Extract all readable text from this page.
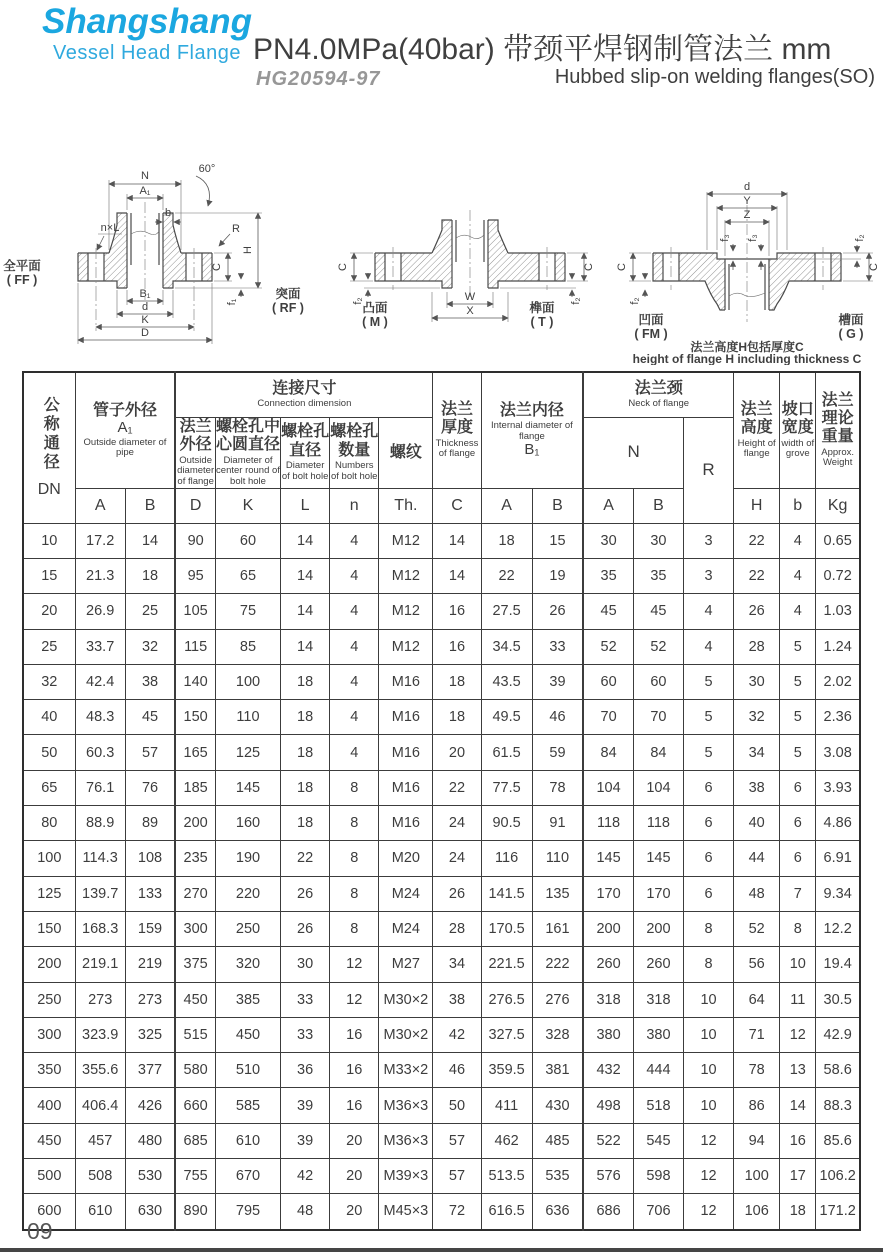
Shangshang
Vessel Head Flange PN4.0MPa(40bar) 带颈平焊钢制管法兰 mm
HG20594-97	Hubbed slip-on welding flanges(SO)
N
A₁
b
60°
n×L	R
C
f₁
H
B₁
d
K
D
全平面
( FF )
突面
( RF )
C
f₂
C
f₂
W
X
凸面
( M )
榫面
( T )
d
Y
Z
f₃ f₃
C
f₂
f₂
C
凹面
( FM )
槽面
( G )
法兰高度H包括厚度C
height of flange H including thickness C
公称通径
DN	管子外径
A₁
Outside diameter of pipe		连接尺寸
Connection dimension					法兰厚度
Thickness of flange	法兰内径
Internal diameter of flange
B₁		法兰颈
Neck of flange			法兰高度
Height of flange	坡口宽度
width of grove	法兰理论重量
Approx. Weight

			法兰外径
Outside diameter of flange	螺栓孔中心圆直径
Diameter of center round of bolt hole	螺栓孔直径
Diameter of bolt hole	螺栓孔数量
Numbers of bolt hole	螺纹				N		R			

	A	B	D	K	L	n	Th.	C	A	B	A	B		H	b	Kg
10	17.2	14	90	60	14	4	M12	14	18	15	30	30	3	22	4	0.65
15	21.3	18	95	65	14	4	M12	14	22	19	35	35	3	22	4	0.72
20	26.9	25	105	75	14	4	M12	16	27.5	26	45	45	4	26	4	1.03
25	33.7	32	115	85	14	4	M12	16	34.5	33	52	52	4	28	5	1.24
32	42.4	38	140	100	18	4	M16	18	43.5	39	60	60	5	30	5	2.02
40	48.3	45	150	110	18	4	M16	18	49.5	46	70	70	5	32	5	2.36
50	60.3	57	165	125	18	4	M16	20	61.5	59	84	84	5	34	5	3.08
65	76.1	76	185	145	18	8	M16	22	77.5	78	104	104	6	38	6	3.93
80	88.9	89	200	160	18	8	M16	24	90.5	91	118	118	6	40	6	4.86
100	114.3	108	235	190	22	8	M20	24	116	110	145	145	6	44	6	6.91
125	139.7	133	270	220	26	8	M24	26	141.5	135	170	170	6	48	7	9.34
150	168.3	159	300	250	26	8	M24	28	170.5	161	200	200	8	52	8	12.2
200	219.1	219	375	320	30	12	M27	34	221.5	222	260	260	8	56	10	19.4
250	273	273	450	385	33	12	M30×2	38	276.5	276	318	318	10	64	11	30.5
300	323.9	325	515	450	33	16	M30×2	42	327.5	328	380	380	10	71	12	42.9
350	355.6	377	580	510	36	16	M33×2	46	359.5	381	432	444	10	78	13	58.6
400	406.4	426	660	585	39	16	M36×3	50	411	430	498	518	10	86	14	88.3
450	457	480	685	610	39	20	M36×3	57	462	485	522	545	12	94	16	85.6
500	508	530	755	670	42	20	M39×3	57	513.5	535	576	598	12	100	17	106.2
600	610	630	890	795	48	20	M45×3	72	616.5	636	686	706	12	106	18	171.2
09
